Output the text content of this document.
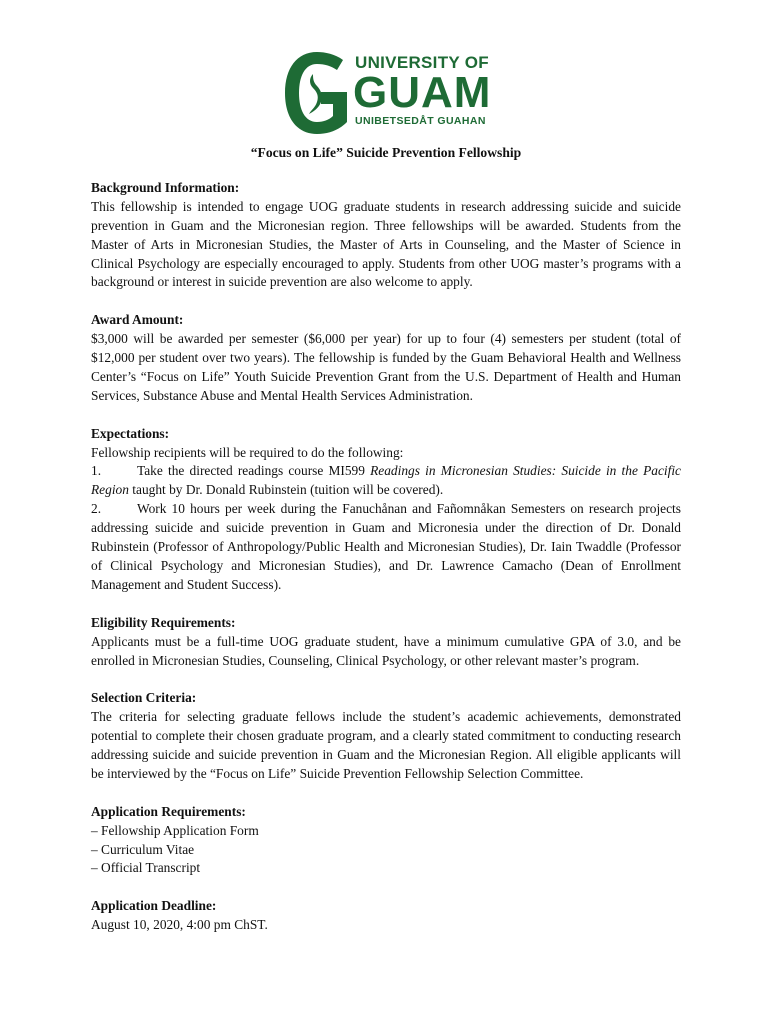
UNIVERSITY OF
GUAM
UNIBETSEDÅT GUAHAN
“Focus on Life” Suicide Prevention Fellowship
Background Information:

This fellowship is intended to engage UOG graduate students in research addressing suicide and suicide prevention in Guam and the Micronesian region. Three fellowships will be awarded. Students from the Master of Arts in Micronesian Studies, the Master of Arts in Counseling, and the Master of Science in Clinical Psychology are especially encouraged to apply. Students from other UOG master’s programs with a background or interest in suicide prevention are also welcome to apply.

Award Amount:

$3,000 will be awarded per semester ($6,000 per year) for up to four (4) semesters per student (total of $12,000 per student over two years). The fellowship is funded by the Guam Behavioral Health and Wellness Center’s “Focus on Life” Youth Suicide Prevention Grant from the U.S. Department of Health and Human Services, Substance Abuse and Mental Health Services Administration.

Expectations:

Fellowship recipients will be required to do the following:

1.	Take the directed readings course MI599 Readings in Micronesian Studies: Suicide in the Pacific Region taught by Dr. Donald Rubinstein (tuition will be covered).

2.	Work 10 hours per week during the Fanuchånan and Fañomnåkan Semesters on research projects addressing suicide and suicide prevention in Guam and Micronesia under the direction of Dr. Donald Rubinstein (Professor of Anthropology/Public Health and Micronesian Studies), Dr. Iain Twaddle (Professor of Clinical Psychology and Micronesian Studies), and Dr. Lawrence Camacho (Dean of Enrollment Management and Student Success).

Eligibility Requirements:

Applicants must be a full-time UOG graduate student, have a minimum cumulative GPA of 3.0, and be enrolled in Micronesian Studies, Counseling, Clinical Psychology, or other relevant master’s program.

Selection Criteria:

The criteria for selecting graduate fellows include the student’s academic achievements, demonstrated potential to complete their chosen graduate program, and a clearly stated commitment to conducting research addressing suicide and suicide prevention in Guam and the Micronesian Region. All eligible applicants will be interviewed by the “Focus on Life” Suicide Prevention Fellowship Selection Committee.

Application Requirements:
– Fellowship Application Form
– Curriculum Vitae
– Official Transcript
Application Deadline:

August 10, 2020, 4:00 pm ChST.
